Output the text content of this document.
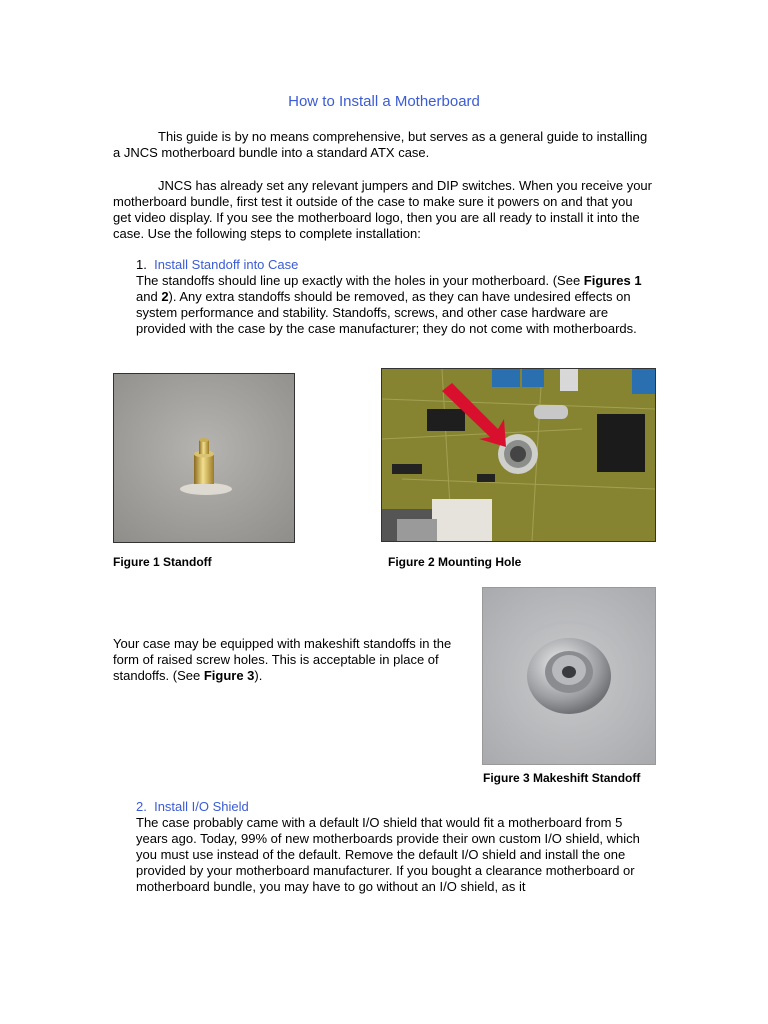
How to Install a Motherboard
This guide is by no means comprehensive, but serves as a general guide to installing a JNCS motherboard bundle into a standard ATX case.
JNCS has already set any relevant jumpers and DIP switches. When you receive your motherboard bundle, first test it outside of the case to make sure it powers on and that you get video display. If you see the motherboard logo, then you are all ready to install it into the case. Use the following steps to complete installation:
1. Install Standoff into Case
The standoffs should line up exactly with the holes in your motherboard. (See Figures 1 and 2). Any extra standoffs should be removed, as they can have undesired effects on system performance and stability. Standoffs, screws, and other case hardware are provided with the case by the case manufacturer; they do not come with motherboards.
Figure 1 Standoff	Figure 2 Mounting Hole
Your case may be equipped with makeshift standoffs in the form of raised screw holes. This is acceptable in place of standoffs. (See Figure 3).
Figure 3 Makeshift Standoff
2. Install I/O Shield
The case probably came with a default I/O shield that would fit a motherboard from 5 years ago. Today, 99% of new motherboards provide their own custom I/O shield, which you must use instead of the default. Remove the default I/O shield and install the one provided by your motherboard manufacturer. If you bought a clearance motherboard or motherboard bundle, you may have to go without an I/O shield, as it
